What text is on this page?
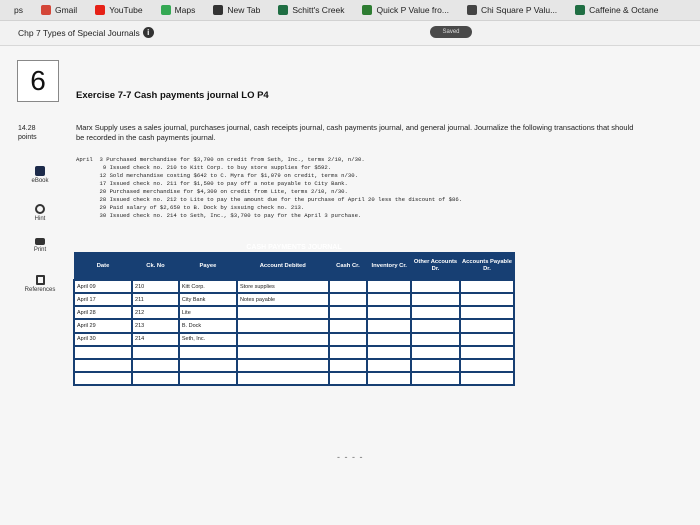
ps	Gmail	YouTube	Maps	New Tab	Schitt's Creek	Quick P Value fro...	Chi Square P Valu...	Caffeine & Octane
Chp 7 Types of Special Journals i	Saved
6	Exercise 7-7 Cash payments journal LO P4
14.28
points
Marx Supply uses a sales journal, purchases journal, cash receipts journal, cash payments journal, and general journal. Journalize the following transactions that should be recorded in the cash payments journal.
eBook
Hint
Print
References
April  3 Purchased merchandise for $3,700 on credit from Seth, Inc., terms 2/10, n/30.
9 Issued check no. 210 to Kitt Corp. to buy store supplies for $592.
12 Sold merchandise costing $642 to C. Myra for $1,079 on credit, terms n/30.
17 Issued check no. 211 for $1,500 to pay off a note payable to City Bank.
20 Purchased merchandise for $4,300 on credit from Lite, terms 2/10, n/30.
28 Issued check no. 212 to Lite to pay the amount due for the purchase of April 20 less the discount of $86.
29 Paid salary of $2,650 to B. Dock by issuing check no. 213.
30 Issued check no. 214 to Seth, Inc., $3,700 to pay for the April 3 purchase.
CASH PAYMENTS JOURNAL
Date	Ck. No	Payee	Account Debited	Cash Cr.	Inventory Cr.	Other Accounts Dr.	Accounts Payable Dr.
April 09	210	Kitt Corp.	Store supplies				
April 17	211	City Bank	Notes payable				
April 28	212	Lite					
April 29	213	B. Dock					
April 30	214	Seth, Inc.					

- - - -
